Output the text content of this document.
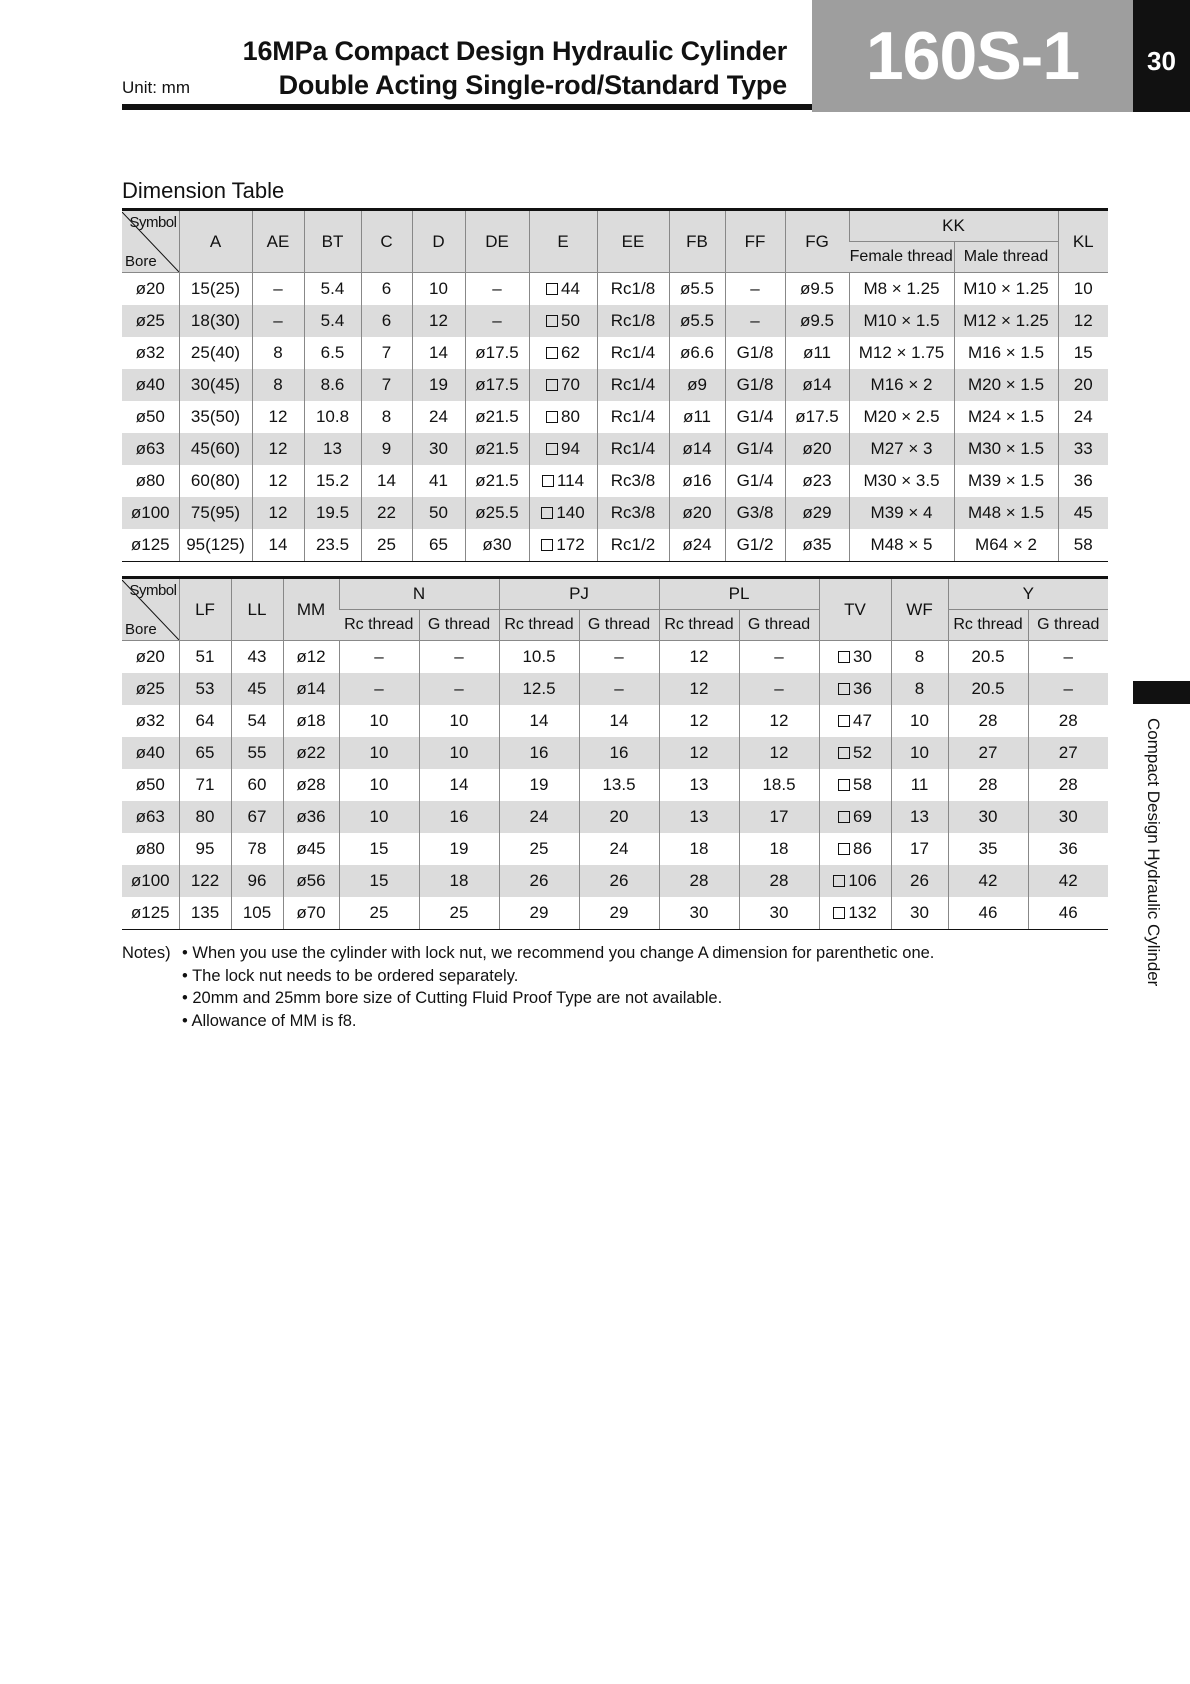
Unit: mm
16MPa Compact Design Hydraulic Cylinder
Double Acting Single-rod/Standard Type	160S-1	30
Compact Design Hydraulic Cylinder
Dimension Table
Symbol
Bore	A	AE	BT	C	D	DE	E	EE	FB	FF	FG	KK		KL
												Female thread	Male thread	
ø20	15(25)	–	5.4	6	10	–	44	Rc1/8	ø5.5	–	ø9.5	M8 × 1.25	M10 × 1.25	10
ø25	18(30)	–	5.4	6	12	–	50	Rc1/8	ø5.5	–	ø9.5	M10 × 1.5	M12 × 1.25	12
ø32	25(40)	8	6.5	7	14	ø17.5	62	Rc1/4	ø6.6	G1/8	ø11	M12 × 1.75	M16 × 1.5	15
ø40	30(45)	8	8.6	7	19	ø17.5	70	Rc1/4	ø9	G1/8	ø14	M16 × 2	M20 × 1.5	20
ø50	35(50)	12	10.8	8	24	ø21.5	80	Rc1/4	ø11	G1/4	ø17.5	M20 × 2.5	M24 × 1.5	24
ø63	45(60)	12	13	9	30	ø21.5	94	Rc1/4	ø14	G1/4	ø20	M27 × 3	M30 × 1.5	33
ø80	60(80)	12	15.2	14	41	ø21.5	114	Rc3/8	ø16	G1/4	ø23	M30 × 3.5	M39 × 1.5	36
ø100	75(95)	12	19.5	22	50	ø25.5	140	Rc3/8	ø20	G3/8	ø29	M39 × 4	M48 × 1.5	45
ø125	95(125)	14	23.5	25	65	ø30	172	Rc1/2	ø24	G1/2	ø35	M48 × 5	M64 × 2	58
Symbol
Bore	LF	LL	MM	N		PJ		PL		TV	WF	Y	
				Rc thread	G thread	Rc thread	G thread	Rc thread	G thread			Rc thread	G thread
ø20	51	43	ø12	–	–	10.5	–	12	–	30	8	20.5	–
ø25	53	45	ø14	–	–	12.5	–	12	–	36	8	20.5	–
ø32	64	54	ø18	10	10	14	14	12	12	47	10	28	28
ø40	65	55	ø22	10	10	16	16	12	12	52	10	27	27
ø50	71	60	ø28	10	14	19	13.5	13	18.5	58	11	28	28
ø63	80	67	ø36	10	16	24	20	13	17	69	13	30	30
ø80	95	78	ø45	15	19	25	24	18	18	86	17	35	36
ø100	122	96	ø56	15	18	26	26	28	28	106	26	42	42
ø125	135	105	ø70	25	25	29	29	30	30	132	30	46	46
Notes)	• When you use the cylinder with lock nut, we recommend you change A dimension for parenthetic one.
• The lock nut needs to be ordered separately.
• 20mm and 25mm bore size of Cutting Fluid Proof Type are not available.
• Allowance of MM is f8.
